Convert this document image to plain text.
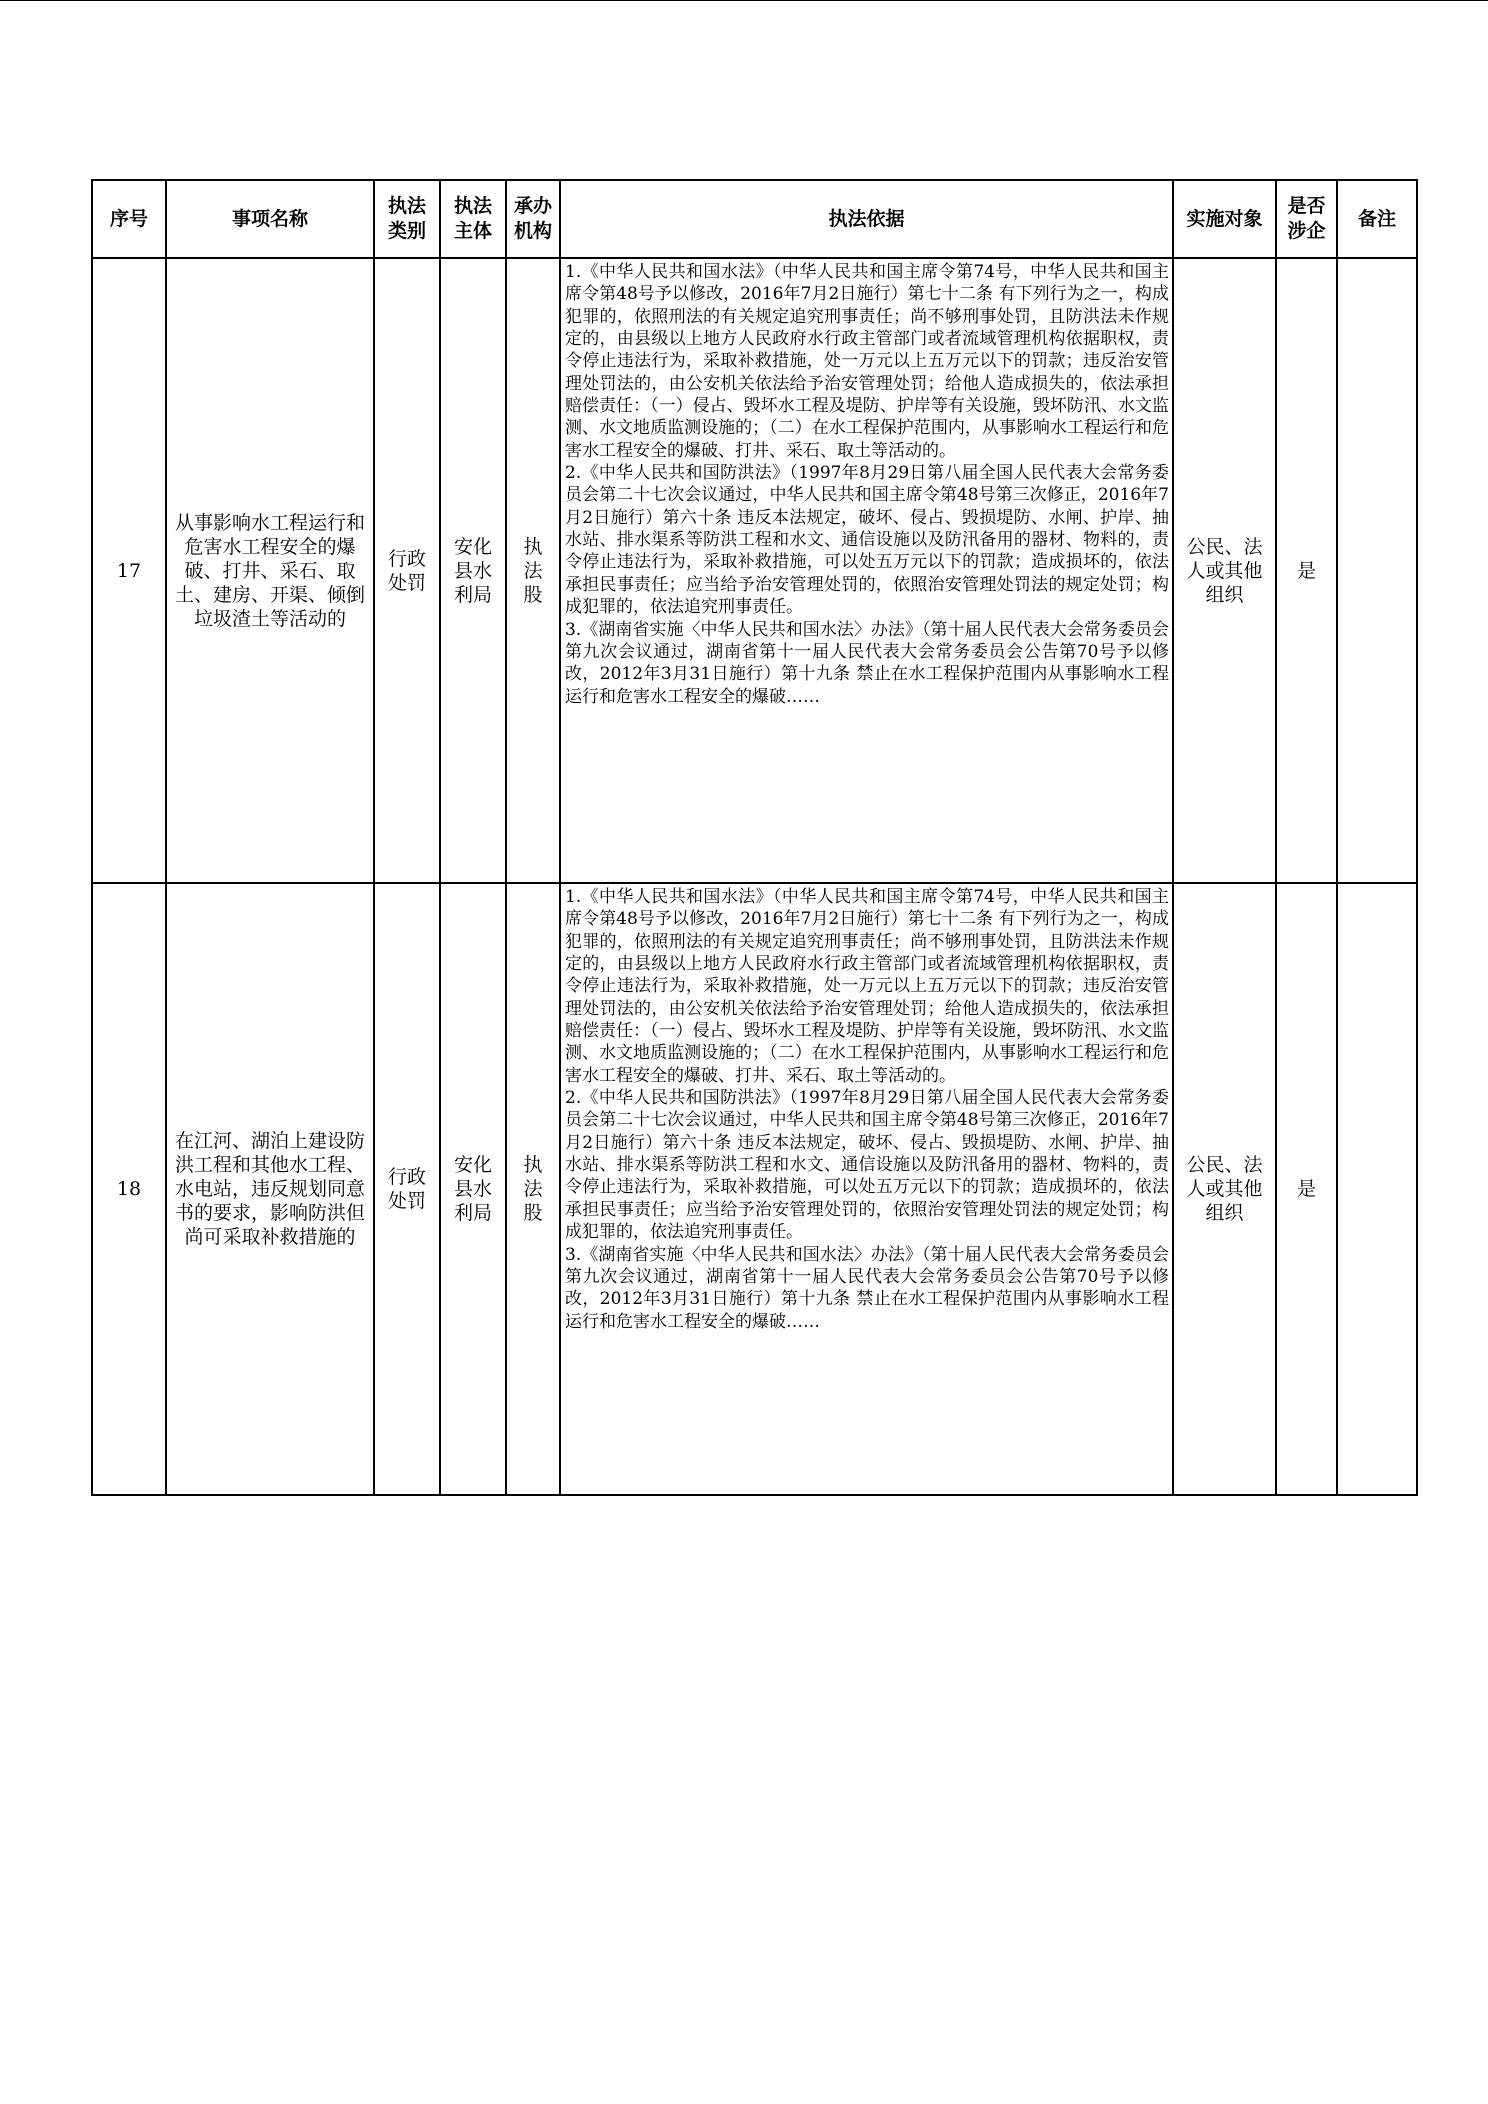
序号	事项名称	执法类别	执法主体	承办机构	执法依据	实施对象	是否涉企	备注
17	从事影响水工程运行和危害水工程安全的爆破、打井、采石、取土、建房、开渠、倾倒垃圾渣土等活动的	行政处罚	安化县水利局	执法股	1.《中华人民共和国水法》（中华人民共和国主席令第74号，中华人民共和国主席令第48号予以修改，2016年7月2日施行）第七十二条 有下列行为之一，构成犯罪的，依照刑法的有关规定追究刑事责任；尚不够刑事处罚，且防洪法未作规定的，由县级以上地方人民政府水行政主管部门或者流域管理机构依据职权，责令停止违法行为，采取补救措施，处一万元以上五万元以下的罚款；违反治安管理处罚法的，由公安机关依法给予治安管理处罚；给他人造成损失的，依法承担赔偿责任：（一）侵占、毁坏水工程及堤防、护岸等有关设施，毁坏防汛、水文监测、水文地质监测设施的；（二）在水工程保护范围内，从事影响水工程运行和危害水工程安全的爆破、打井、采石、取土等活动的。
2.《中华人民共和国防洪法》（1997年8月29日第八届全国人民代表大会常务委员会第二十七次会议通过，中华人民共和国主席令第48号第三次修正，2016年7月2日施行）第六十条 违反本法规定，破坏、侵占、毁损堤防、水闸、护岸、抽水站、排水渠系等防洪工程和水文、通信设施以及防汛备用的器材、物料的，责令停止违法行为，采取补救措施，可以处五万元以下的罚款；造成损坏的，依法承担民事责任；应当给予治安管理处罚的，依照治安管理处罚法的规定处罚；构成犯罪的，依法追究刑事责任。
3.《湖南省实施〈中华人民共和国水法〉办法》（第十届人民代表大会常务委员会第九次会议通过，湖南省第十一届人民代表大会常务委员会公告第70号予以修改，2012年3月31日施行）第十九条 禁止在水工程保护范围内从事影响水工程运行和危害水工程安全的爆破……	公民、法人或其他组织	是	
18	在江河、湖泊上建设防洪工程和其他水工程、水电站，违反规划同意书的要求，影响防洪但尚可采取补救措施的	行政处罚	安化县水利局	执法股	1.《中华人民共和国水法》（中华人民共和国主席令第74号，中华人民共和国主席令第48号予以修改，2016年7月2日施行）第七十二条 有下列行为之一，构成犯罪的，依照刑法的有关规定追究刑事责任；尚不够刑事处罚，且防洪法未作规定的，由县级以上地方人民政府水行政主管部门或者流域管理机构依据职权，责令停止违法行为，采取补救措施，处一万元以上五万元以下的罚款；违反治安管理处罚法的，由公安机关依法给予治安管理处罚；给他人造成损失的，依法承担赔偿责任：（一）侵占、毁坏水工程及堤防、护岸等有关设施，毁坏防汛、水文监测、水文地质监测设施的；（二）在水工程保护范围内，从事影响水工程运行和危害水工程安全的爆破、打井、采石、取土等活动的。
2.《中华人民共和国防洪法》（1997年8月29日第八届全国人民代表大会常务委员会第二十七次会议通过，中华人民共和国主席令第48号第三次修正，2016年7月2日施行）第六十条 违反本法规定，破坏、侵占、毁损堤防、水闸、护岸、抽水站、排水渠系等防洪工程和水文、通信设施以及防汛备用的器材、物料的，责令停止违法行为，采取补救措施，可以处五万元以下的罚款；造成损坏的，依法承担民事责任；应当给予治安管理处罚的，依照治安管理处罚法的规定处罚；构成犯罪的，依法追究刑事责任。
3.《湖南省实施〈中华人民共和国水法〉办法》（第十届人民代表大会常务委员会第九次会议通过，湖南省第十一届人民代表大会常务委员会公告第70号予以修改，2012年3月31日施行）第十九条 禁止在水工程保护范围内从事影响水工程运行和危害水工程安全的爆破……	公民、法人或其他组织	是	
